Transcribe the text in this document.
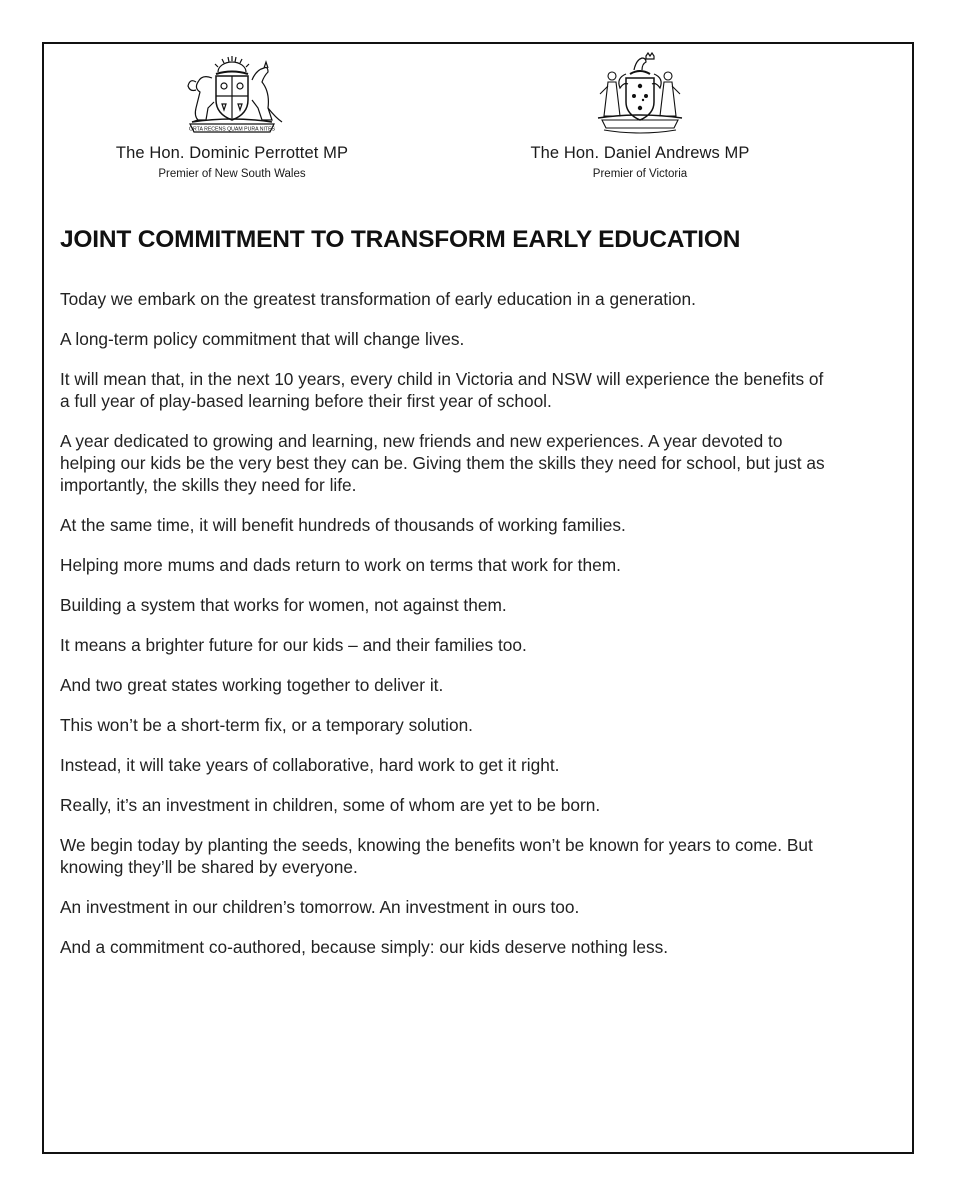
ORTA RECENS QUAM PURA NITES
The Hon. Dominic Perrottet MP
Premier of New South Wales
The Hon. Daniel Andrews MP
Premier of Victoria
JOINT COMMITMENT TO TRANSFORM EARLY EDUCATION

Today we embark on the greatest transformation of early education in a generation.

A long-term policy commitment that will change lives.

It will mean that, in the next 10 years, every child in Victoria and NSW will experience the benefits of a full year of play-based learning before their first year of school.

A year dedicated to growing and learning, new friends and new experiences. A year devoted to helping our kids be the very best they can be. Giving them the skills they need for school, but just as importantly, the skills they need for life.

At the same time, it will benefit hundreds of thousands of working families.

Helping more mums and dads return to work on terms that work for them.

Building a system that works for women, not against them.

It means a brighter future for our kids – and their families too.

And two great states working together to deliver it.

This won’t be a short-term fix, or a temporary solution.

Instead, it will take years of collaborative, hard work to get it right.

Really, it’s an investment in children, some of whom are yet to be born.

We begin today by planting the seeds, knowing the benefits won’t be known for years to come. But knowing they’ll be shared by everyone.

An investment in our children’s tomorrow. An investment in ours too.

And a commitment co-authored, because simply: our kids deserve nothing less.
